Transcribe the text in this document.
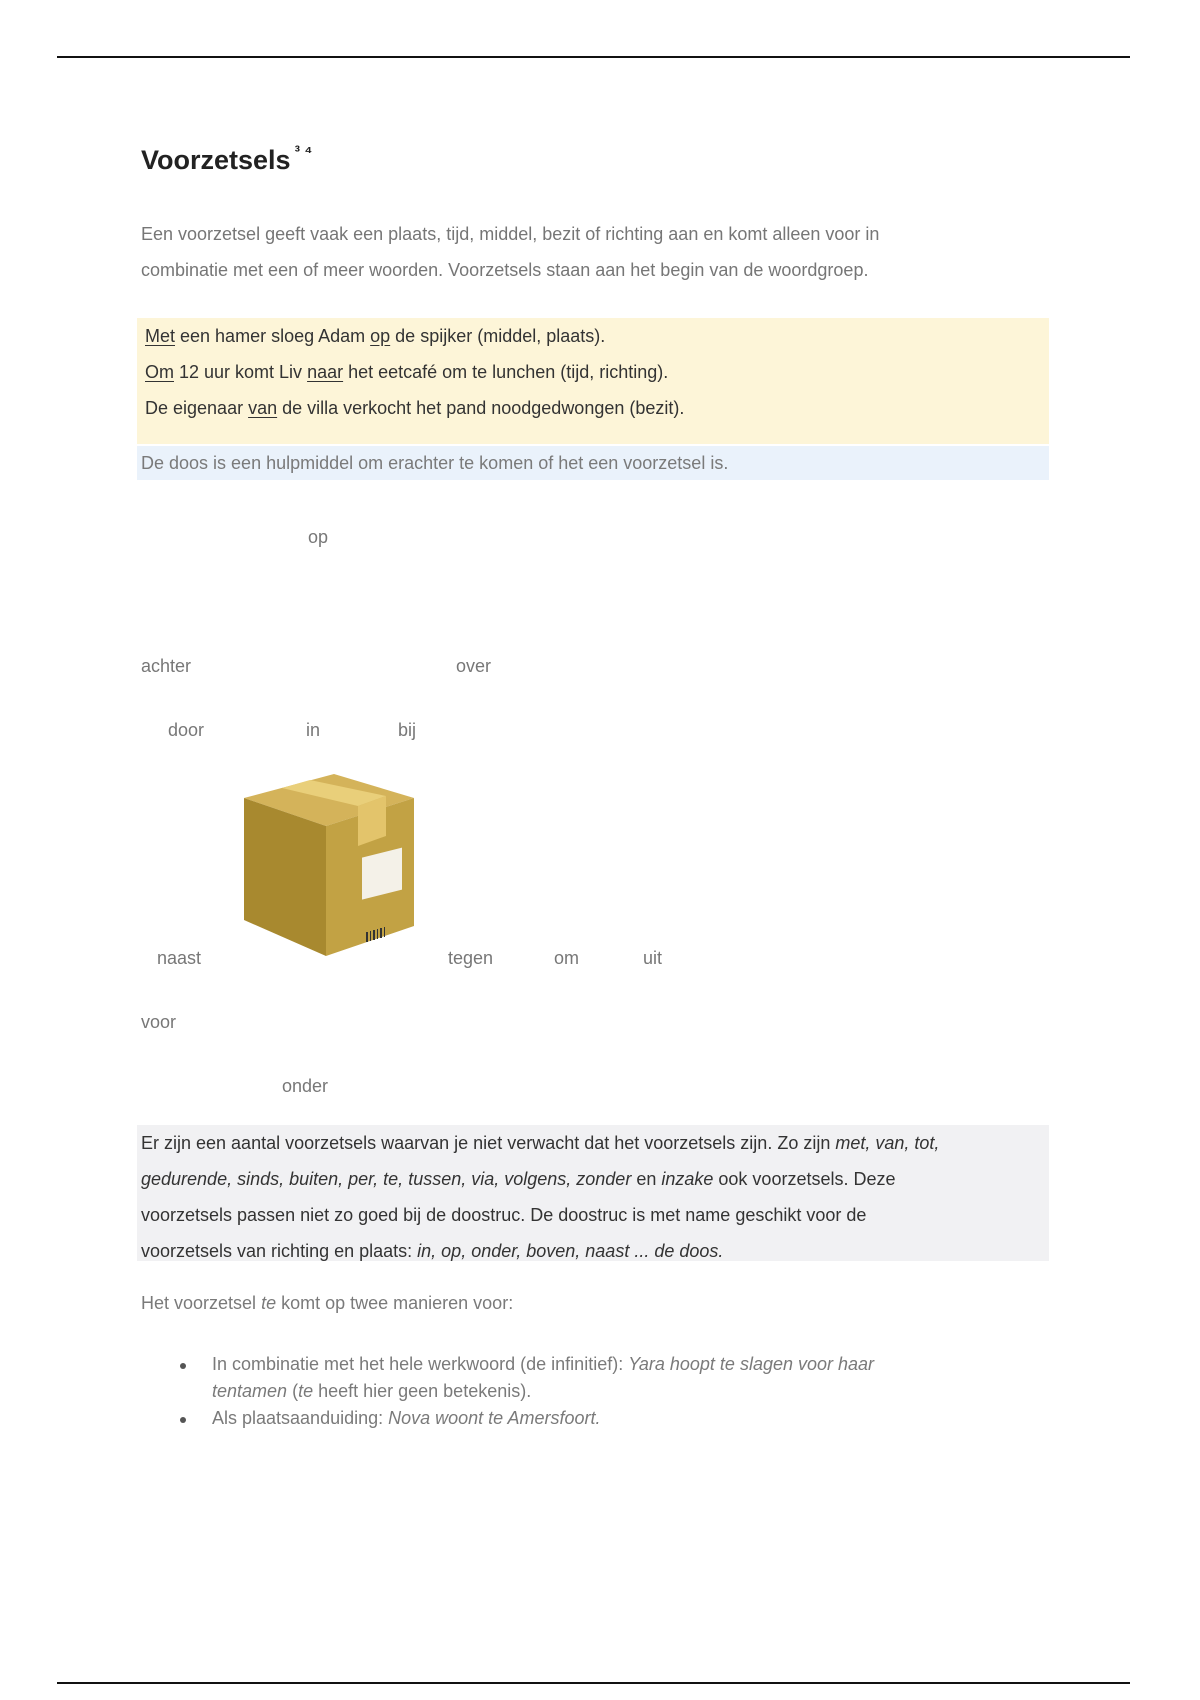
Voorzetsels $^{^3 ^4}$
Een voorzetsel geeft vaak een plaats, tijd, middel, bezit of richting aan en komt alleen voor in
combinatie met een of meer woorden. Voorzetsels staan aan het begin van de woordgroep.
Met een hamer sloeg Adam op de spijker (middel, plaats).
Om 12 uur komt Liv naar het eetcafé om te lunchen (tijd, richting).
De eigenaar van de villa verkocht het pand noodgedwongen (bezit).
De doos is een hulpmiddel om erachter te komen of het een voorzetsel is.
op
achter	over
door	in	bij
naast	tegen	om	uit
voor
onder
Er zijn een aantal voorzetsels waarvan je niet verwacht dat het voorzetsels zijn. Zo zijn met, van, tot,
gedurende, sinds, buiten, per, te, tussen, via, volgens, zonder en inzake ook voorzetsels. Deze
voorzetsels passen niet zo goed bij de doostruc. De doostruc is met name geschikt voor de
voorzetsels van richting en plaats: in, op, onder, boven, naast ... de doos.
Het voorzetsel te komt op twee manieren voor:
In combinatie met het hele werkwoord (de infinitief): Yara hoopt te slagen voor haar
tentamen (te heeft hier geen betekenis).
Als plaatsaanduiding: Nova woont te Amersfoort.
